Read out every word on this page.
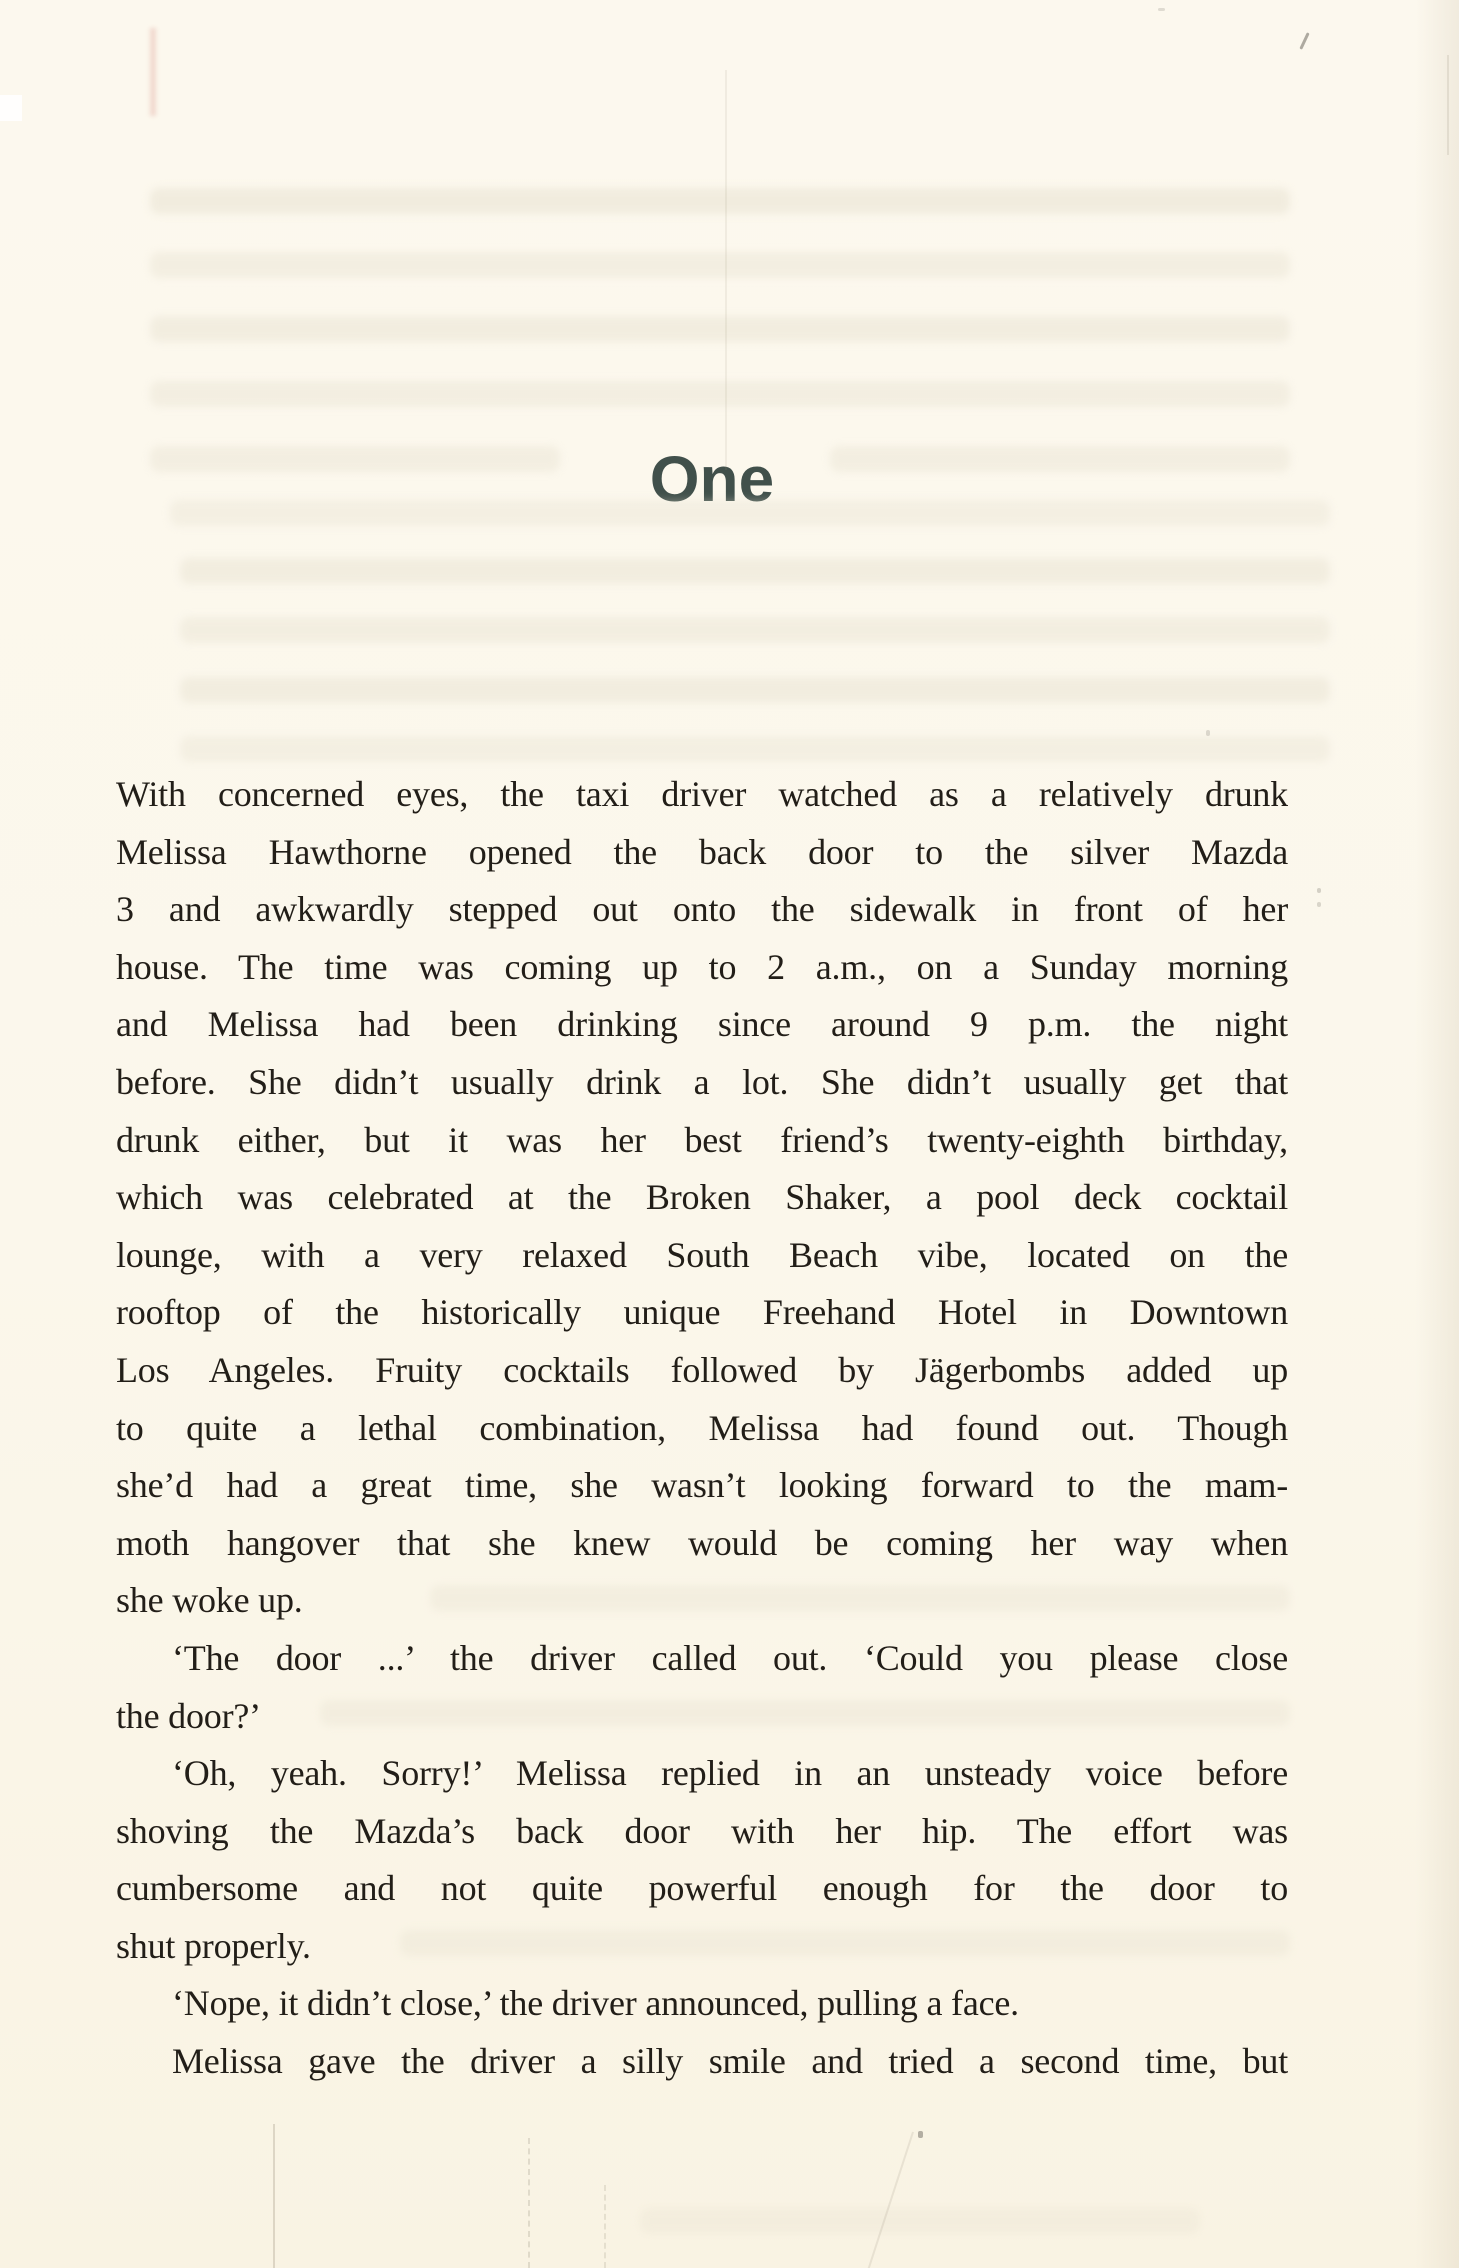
One
With concerned eyes, the taxi driver watched as a relatively drunk
Melissa Hawthorne opened the back door to the silver Mazda
3 and awkwardly stepped out onto the sidewalk in front of her
house. The time was coming up to 2 a.m., on a Sunday morning
and Melissa had been drinking since around 9 p.m. the night
before. She didn’t usually drink a lot. She didn’t usually get that
drunk either, but it was her best friend’s twenty-eighth birthday,
which was celebrated at the Broken Shaker, a pool deck cocktail
lounge, with a very relaxed South Beach vibe, located on the
rooftop of the historically unique Freehand Hotel in Downtown
Los Angeles. Fruity cocktails followed by Jägerbombs added up
to quite a lethal combination, Melissa had found out. Though
she’d had a great time, she wasn’t looking forward to the mam-
moth hangover that she knew would be coming her way when
she woke up.
‘The door ...’ the driver called out. ‘Could you please close
the door?’
‘Oh, yeah. Sorry!’ Melissa replied in an unsteady voice before
shoving the Mazda’s back door with her hip. The effort was
cumbersome and not quite powerful enough for the door to
shut properly.
‘Nope, it didn’t close,’ the driver announced, pulling a face.
Melissa gave the driver a silly smile and tried a second time, but
